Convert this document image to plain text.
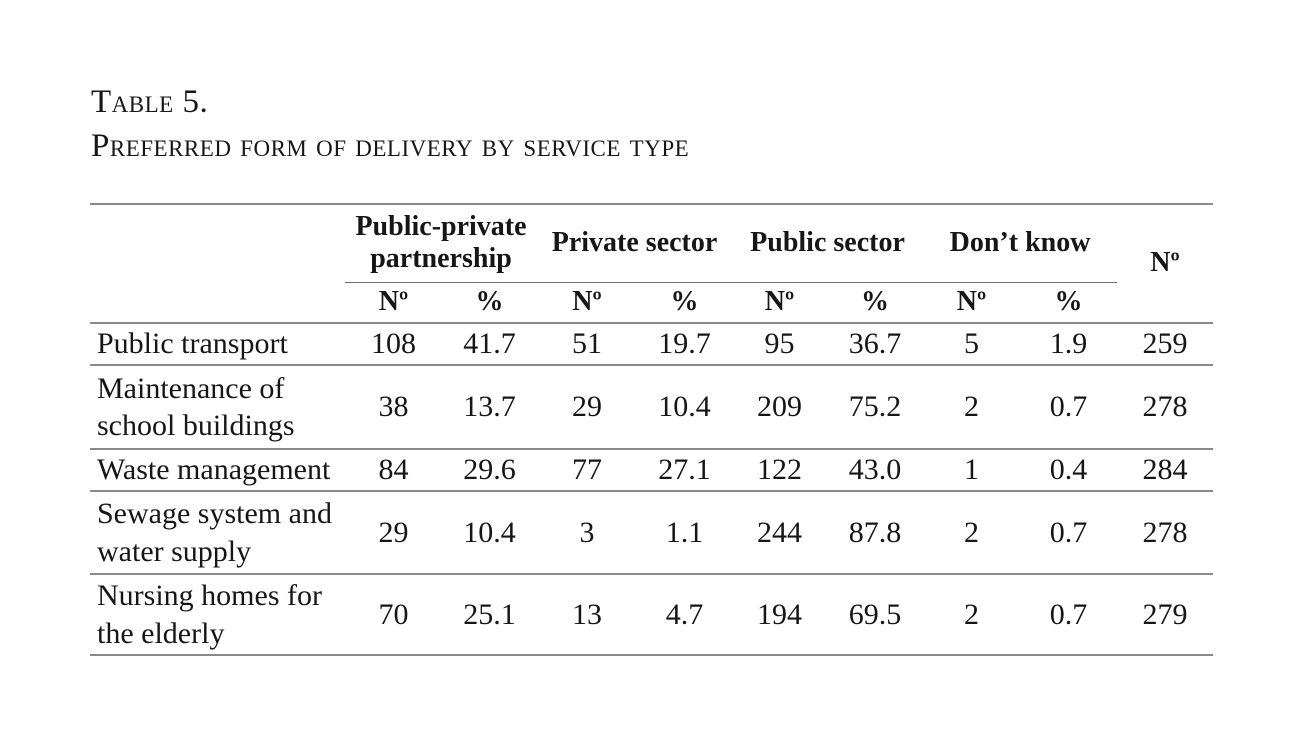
Table 5.
Preferred form of delivery by service type
	Public-private partnership		Private sector		Public sector		Don’t know		Nº
	Nº	%	Nº	%	Nº	%	Nº	%	
Public transport	108	41.7	51	19.7	95	36.7	5	1.9	259
Maintenance of school buildings	38	13.7	29	10.4	209	75.2	2	0.7	278
Waste management	84	29.6	77	27.1	122	43.0	1	0.4	284
Sewage system and water supply	29	10.4	3	1.1	244	87.8	2	0.7	278
Nursing homes for the elderly	70	25.1	13	4.7	194	69.5	2	0.7	279
